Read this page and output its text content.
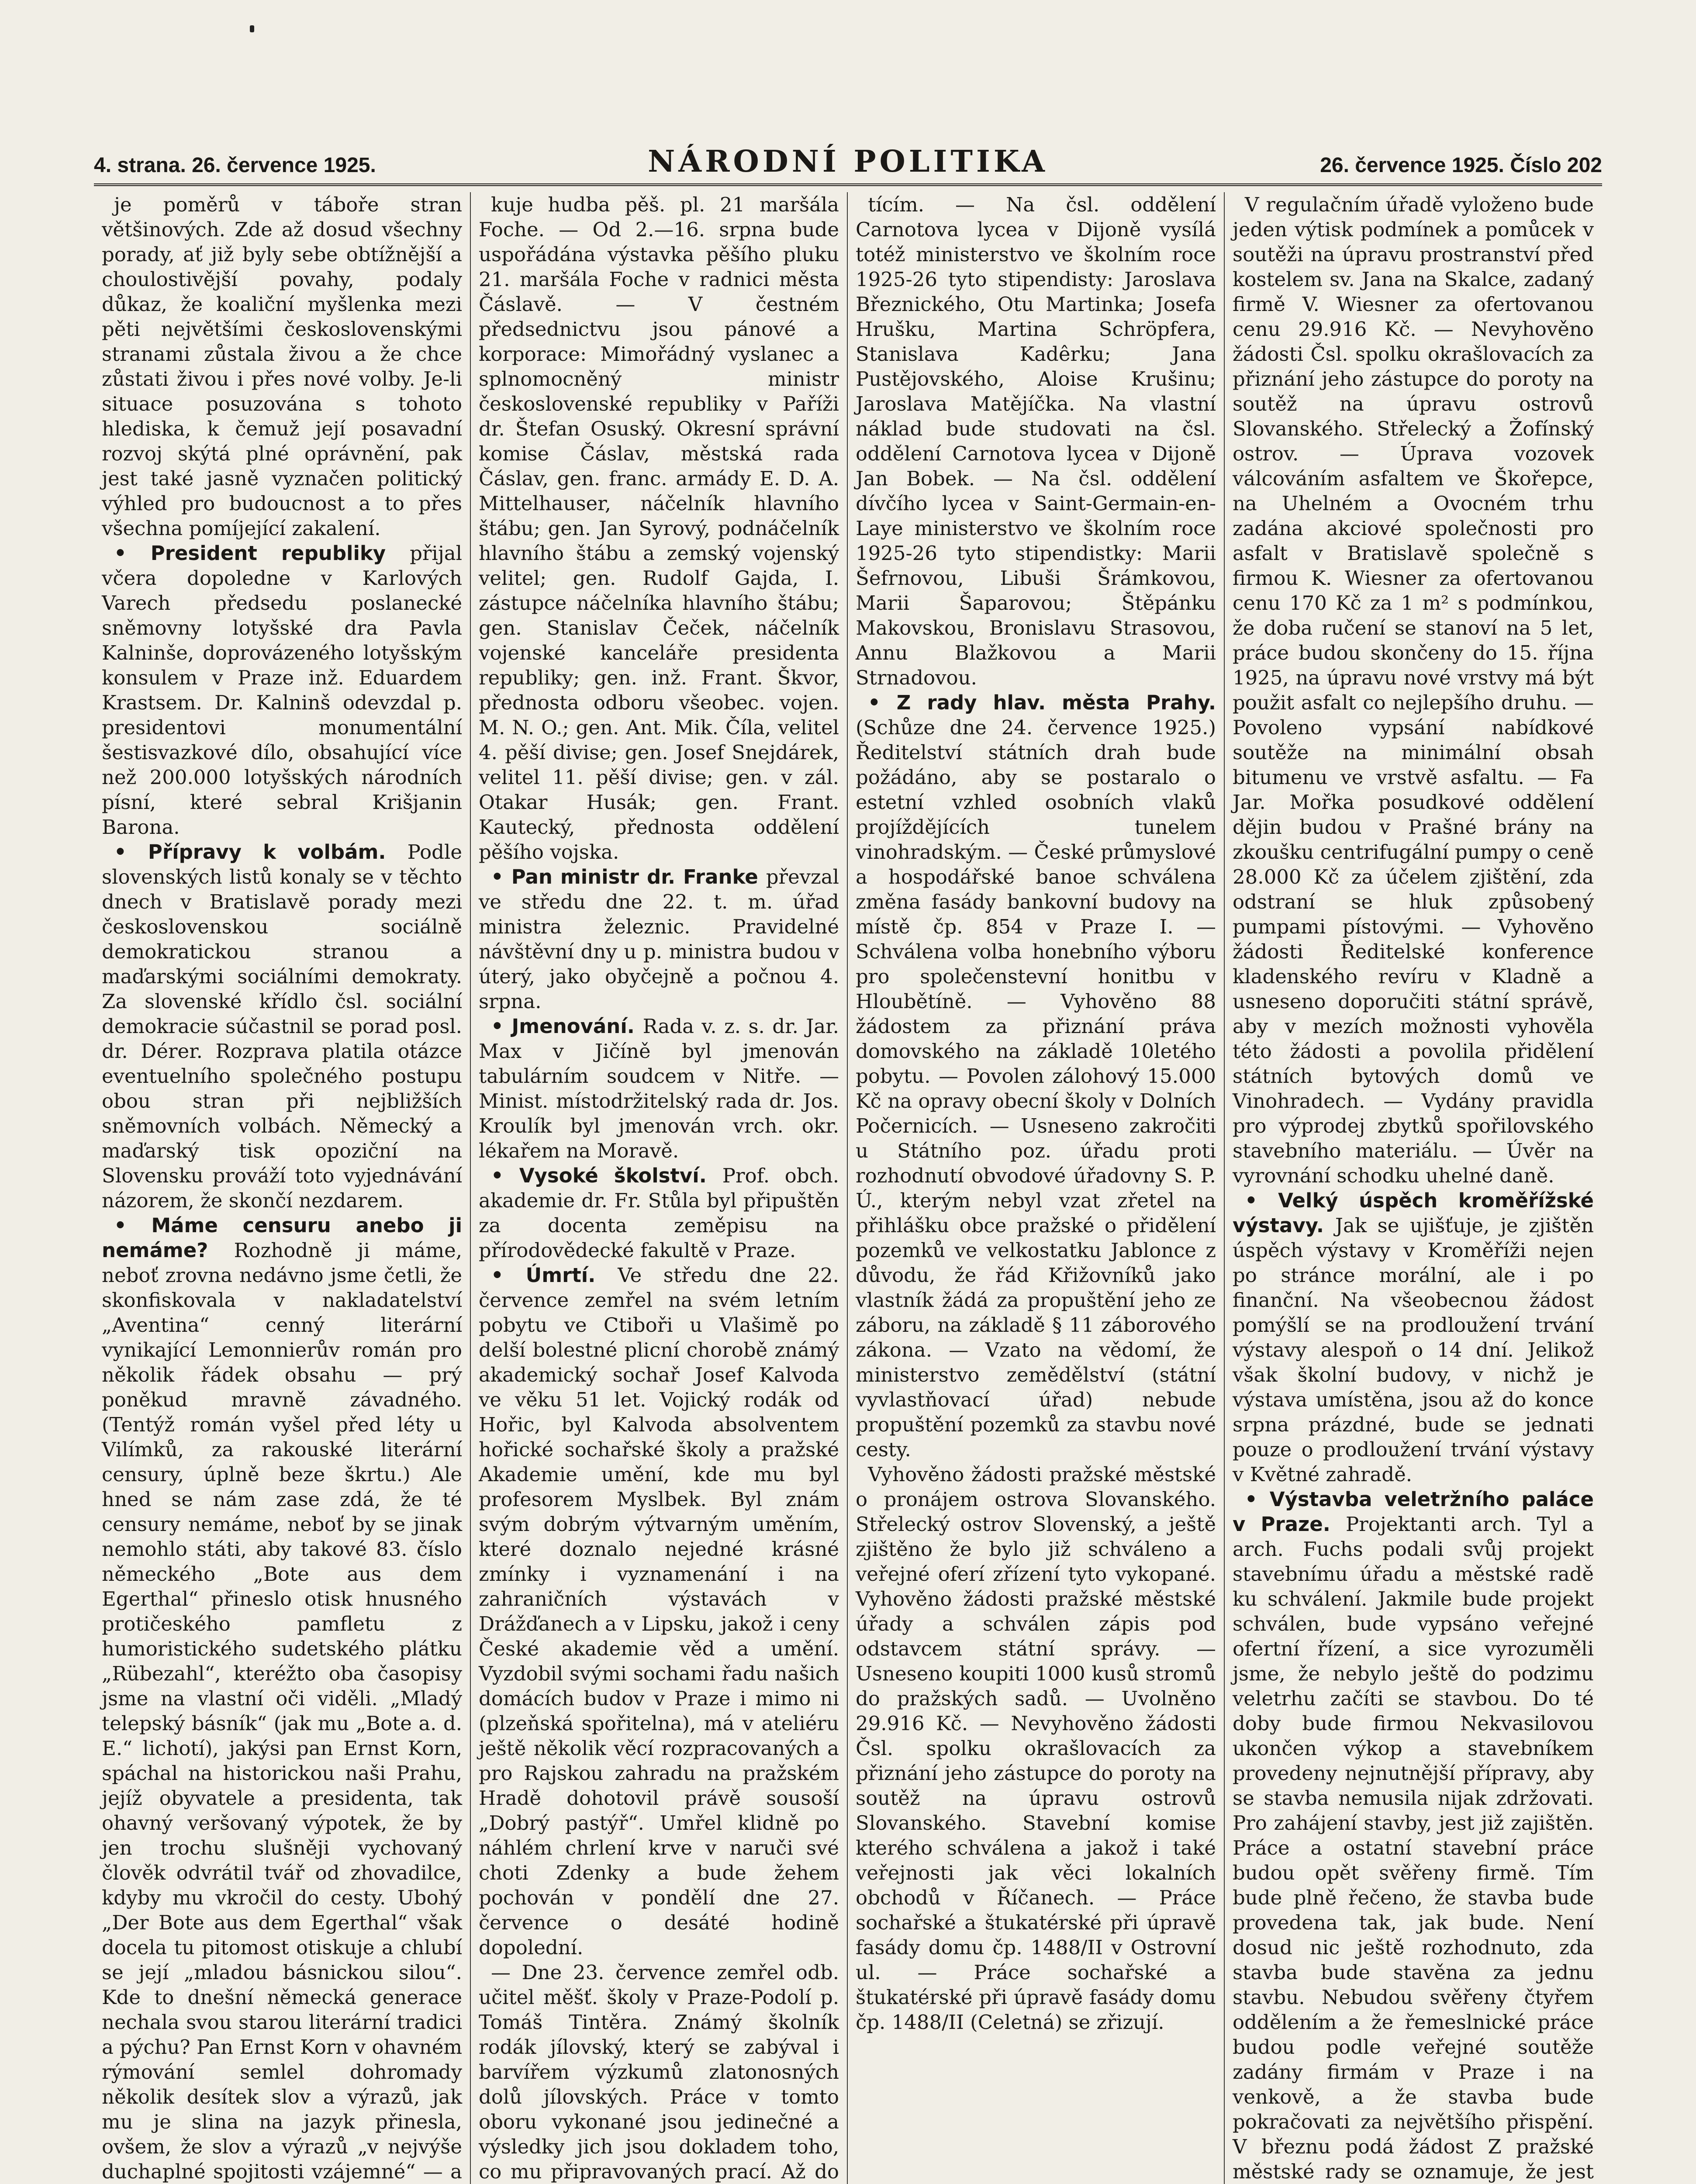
4. strana. 26. července 1925.	NÁRODNÍ POLITIKA	26. července 1925. Číslo 202

je poměrů v táboře stran většinových. Zde až dosud všechny porady, ať již byly sebe obtížnější a choulostivější povahy, podaly důkaz, že koaliční myšlenka mezi pěti největšími československými stranami zůstala živou a že chce zůstati živou i přes nové volby. Je-li situace posuzována s tohoto hlediska, k čemuž její posavadní rozvoj skýtá plné oprávnění, pak jest také jasně vyznačen politický výhled pro budoucnost a to přes všechna pomíjející zakalení.

• President republiky přijal včera dopoledne v Karlových Varech předsedu poslanecké sněmovny lotyšské dra Pavla Kalninše, doprovázeného lotyšským konsulem v Praze inž. Eduardem Krastsem. Dr. Kalninš odevzdal p. presidentovi monumentální šestisvazkové dílo, obsahující více než 200.000 lotyšských národních písní, které sebral Krišjanin Barona.

• Přípravy k volbám. Podle slovenských listů konaly se v těchto dnech v Bratislavě porady mezi československou sociálně demokratickou stranou a maďarskými sociálními demokraty. Za slovenské křídlo čsl. sociální demokracie súčastnil se porad posl. dr. Dérer. Rozprava platila otázce eventuelního společného postupu obou stran při nejbližších sněmovních volbách. Německý a maďarský tisk opoziční na Slovensku prováží toto vyjednávání názorem, že skončí nezdarem.

• Máme censuru anebo ji nemáme? Rozhodně ji máme, neboť zrovna nedávno jsme četli, že skonfiskovala v nakladatelství „Aventina“ cenný literární vynikající Lemonnierův román pro několik řádek obsahu — prý poněkud mravně závadného. (Tentýž román vyšel před léty u Vilímků, za rakouské literární censury, úplně beze škrtu.) Ale hned se nám zase zdá, že té censury nemáme, neboť by se jinak nemohlo státi, aby takové 83. číslo německého „Bote aus dem Egerthal“ přineslo otisk hnusného protičeského pamfletu z humoristického sudetského plátku „Rübezahl“, kteréžto oba časopisy jsme na vlastní oči viděli. „Mladý telepský básník“ (jak mu „Bote a. d. E.“ lichotí), jakýsi pan Ernst Korn, spáchal na historickou naši Prahu, jejíž obyvatele a presidenta, tak ohavný veršovaný výpotek, že by jen trochu slušněji vychovaný člověk odvrátil tvář od zhovadilce, kdyby mu vkročil do cesty. Ubohý „Der Bote aus dem Egerthal“ však docela tu pitomost otiskuje a chlubí se její „mladou básnickou silou“. Kde to dnešní německá generace nechala svou starou literární tradici a pýchu? Pan Ernst Korn v ohavném rýmování semlel dohromady několik desítek slov a výrazů, jak mu je slina na jazyk přinesla, ovšem, že slov a výrazů „v nejvýše duchaplné spojitosti vzájemné“ — a

kuje hudba pěš. pl. 21 maršála Foche. — Od 2.—16. srpna bude uspořádána výstavka pěšího pluku 21. maršála Foche v radnici města Čáslavě. — V čestném předsednictvu jsou pánové a korporace: Mimořádný vyslanec a splnomocněný ministr československé republiky v Paříži dr. Štefan Osuský. Okresní správní komise Čáslav, městská rada Čáslav, gen. franc. armády E. D. A. Mittelhauser, náčelník hlavního štábu; gen. Jan Syrový, podnáčelník hlavního štábu a zemský vojenský velitel; gen. Rudolf Gajda, I. zástupce náčelníka hlavního štábu; gen. Stanislav Čeček, náčelník vojenské kanceláře presidenta republiky; gen. inž. Frant. Škvor, přednosta odboru všeobec. vojen. M. N. O.; gen. Ant. Mik. Číla, velitel 4. pěší divise; gen. Josef Snejdárek, velitel 11. pěší divise; gen. v zál. Otakar Husák; gen. Frant. Kautecký, přednosta oddělení pěšího vojska.

• Pan ministr dr. Franke převzal ve středu dne 22. t. m. úřad ministra železnic. Pravidelné návštěvní dny u p. ministra budou v úterý, jako obyčejně a počnou 4. srpna.

• Jmenování. Rada v. z. s. dr. Jar. Max v Jičíně byl jmenován tabulárním soudcem v Nitře. — Minist. místodržitelský rada dr. Jos. Kroulík byl jmenován vrch. okr. lékařem na Moravě.

• Vysoké školství. Prof. obch. akademie dr. Fr. Stůla byl připuštěn za docenta zeměpisu na přírodovědecké fakultě v Praze.

• Úmrtí. Ve středu dne 22. července zemřel na svém letním pobytu ve Ctiboři u Vlašimě po delší bolestné plicní chorobě známý akademický sochař Josef Kalvoda ve věku 51 let. Vojický rodák od Hořic, byl Kalvoda absolventem hořické sochařské školy a pražské Akademie umění, kde mu byl profesorem Myslbek. Byl znám svým dobrým výtvarným uměním, které doznalo nejedné krásné zmínky i vyznamenání i na zahraničních výstavách v Drážďanech a v Lipsku, jakož i ceny České akademie věd a umění. Vyzdobil svými sochami řadu našich domácích budov v Praze i mimo ni (plzeňská spořitelna), má v ateliéru ještě několik věcí rozpracovaných a pro Rajskou zahradu na pražském Hradě dohotovil právě sousoší „Dobrý pastýř“. Umřel klidně po náhlém chrlení krve v naruči své choti Zdenky a bude žehem pochován v pondělí dne 27. července o desáté hodině dopolední.

— Dne 23. července zemřel odb. učitel měšť. školy v Praze-Podolí p. Tomáš Tintěra. Známý školník rodák jílovský, který se zabýval i barvířem výzkumů zlatonosných dolů jílovských. Práce v tomto oboru vykonané jsou jedinečné a výsledky jich jsou dokladem toho, co mu připravovaných prací. Až do

tícím. — Na čsl. oddělení Carnotova lycea v Dijoně vysílá totéž ministerstvo ve školním roce 1925-26 tyto stipendisty: Jaroslava Březnického, Otu Martinka; Josefa Hrušku, Martina Schröpfera, Stanislava Kadêrku; Jana Pustějovského, Aloise Krušinu; Jaroslava Matějíčka. Na vlastní náklad bude studovati na čsl. oddělení Carnotova lycea v Dijoně Jan Bobek. — Na čsl. oddělení dívčího lycea v Saint-Germain-en-Laye ministerstvo ve školním roce 1925-26 tyto stipendistky: Marii Šefrnovou, Libuši Šrámkovou, Marii Šaparovou; Štěpánku Makovskou, Bronislavu Strasovou, Annu Blažkovou a Marii Strnadovou.

• Z rady hlav. města Prahy. (Schůze dne 24. července 1925.) Ředitelství státních drah bude požádáno, aby se postaralo o estetní vzhled osobních vlaků projíždějících tunelem vinohradským. — České průmyslové a hospodářské banoe schválena změna fasády bankovní budovy na místě čp. 854 v Praze I. — Schválena volba honebního výboru pro společenstevní honitbu v Hloubětíně. — Vyhověno 88 žádostem za přiznání práva domovského na základě 10letého pobytu. — Povolen zálohový 15.000 Kč na opravy obecní školy v Dolních Počernicích. — Usneseno zakročiti u Státního poz. úřadu proti rozhodnutí obvodové úřadovny S. P. Ú., kterým nebyl vzat zřetel na přihlášku obce pražské o přidělení pozemků ve velkostatku Jablonce z důvodu, že řád Křižovníků jako vlastník žádá za propuštění jeho ze záboru, na základě § 11 záborového zákona. — Vzato na vědomí, že ministerstvo zemědělství (státní vyvlastňovací úřad) nebude propuštění pozemků za stavbu nové cesty.

Vyhověno žádosti pražské městské o pronájem ostrova Slovanského. Střelecký ostrov Slovenský, a ještě zjištěno že bylo již schváleno a veřejné oferí zřízení tyto vykopané. Vyhověno žádosti pražské městské úřady a schválen zápis pod odstavcem státní správy. — Usneseno koupiti 1000 kusů stromů do pražských sadů. — Uvolněno 29.916 Kč. — Nevyhověno žádosti Čsl. spolku okrašlovacích za přiznání jeho zástupce do poroty na soutěž na úpravu ostrovů Slovanského. Stavební komise kterého schválena a jakož i také veřejnosti jak věci lokalních obchodů v Říčanech. — Práce sochařské a štukatérské při úpravě fasády domu čp. 1488/II v Ostrovní ul. — Práce sochařské a štukatérské při úpravě fasády domu čp. 1488/II (Celetná) se zřizují.

V regulačním úřadě vyloženo bude jeden výtisk podmínek a pomůcek v soutěži na úpravu prostranství před kostelem sv. Jana na Skalce, zadaný firmě V. Wiesner za ofertovanou cenu 29.916 Kč. — Nevyhověno žádosti Čsl. spolku okrašlovacích za přiznání jeho zástupce do poroty na soutěž na úpravu ostrovů Slovanského. Střelecký a Žofínský ostrov. — Úprava vozovek válcováním asfaltem ve Škořepce, na Uhelném a Ovocném trhu zadána akciové společnosti pro asfalt v Bratislavě společně s firmou K. Wiesner za ofertovanou cenu 170 Kč za 1 m² s podmínkou, že doba ručení se stanoví na 5 let, práce budou skončeny do 15. října 1925, na úpravu nové vrstvy má být použit asfalt co nejlepšího druhu. — Povoleno vypsání nabídkové soutěže na minimální obsah bitumenu ve vrstvě asfaltu. — Fa Jar. Mořka posudkové oddělení dějin budou v Prašné brány na zkoušku centrifugální pumpy o ceně 28.000 Kč za účelem zjištění, zda odstraní se hluk způsobený pumpami pístovými. — Vyhověno žádosti Ředitelské konference kladenského revíru v Kladně a usneseno doporučiti státní správě, aby v mezích možnosti vyhověla této žádosti a povolila přidělení státních bytových domů ve Vinohradech. — Vydány pravidla pro výprodej zbytků spořilovského stavebního materiálu. — Úvěr na vyrovnání schodku uhelné daně.

• Velký úspěch kroměřížské výstavy. Jak se ujišťuje, je zjištěn úspěch výstavy v Kroměříži nejen po stránce morální, ale i po finanční. Na všeobecnou žádost pomýšlí se na prodloužení trvání výstavy alespoň o 14 dní. Jelikož však školní budovy, v nichž je výstava umístěna, jsou až do konce srpna prázdné, bude se jednati pouze o prodloužení trvání výstavy v Květné zahradě.

• Výstavba veletržního paláce v Praze. Projektanti arch. Tyl a arch. Fuchs podali svůj projekt stavebnímu úřadu a městské radě ku schválení. Jakmile bude projekt schválen, bude vypsáno veřejné ofertní řízení, a sice vyrozuměli jsme, že nebylo ještě do podzimu veletrhu začíti se stavbou. Do té doby bude firmou Nekvasilovou ukončen výkop a stavebníkem provedeny nejnutnější přípravy, aby se stavba nemusila nijak zdržovati. Pro zahájení stavby, jest již zajištěn. Práce a ostatní stavební práce budou opět svěřeny firmě. Tím bude plně řečeno, že stavba bude provedena tak, jak bude. Není dosud nic ještě rozhodnuto, zda stavba bude stavěna za jednu stavbu. Nebudou svěřeny čtyřem oddělením a že řemeslnické práce budou podle veřejné soutěže zadány firmám v Praze i na venkově, a že stavba bude pokračovati za největšího přispění. V březnu podá žádost Z pražské městské rady se oznamuje, že jest
